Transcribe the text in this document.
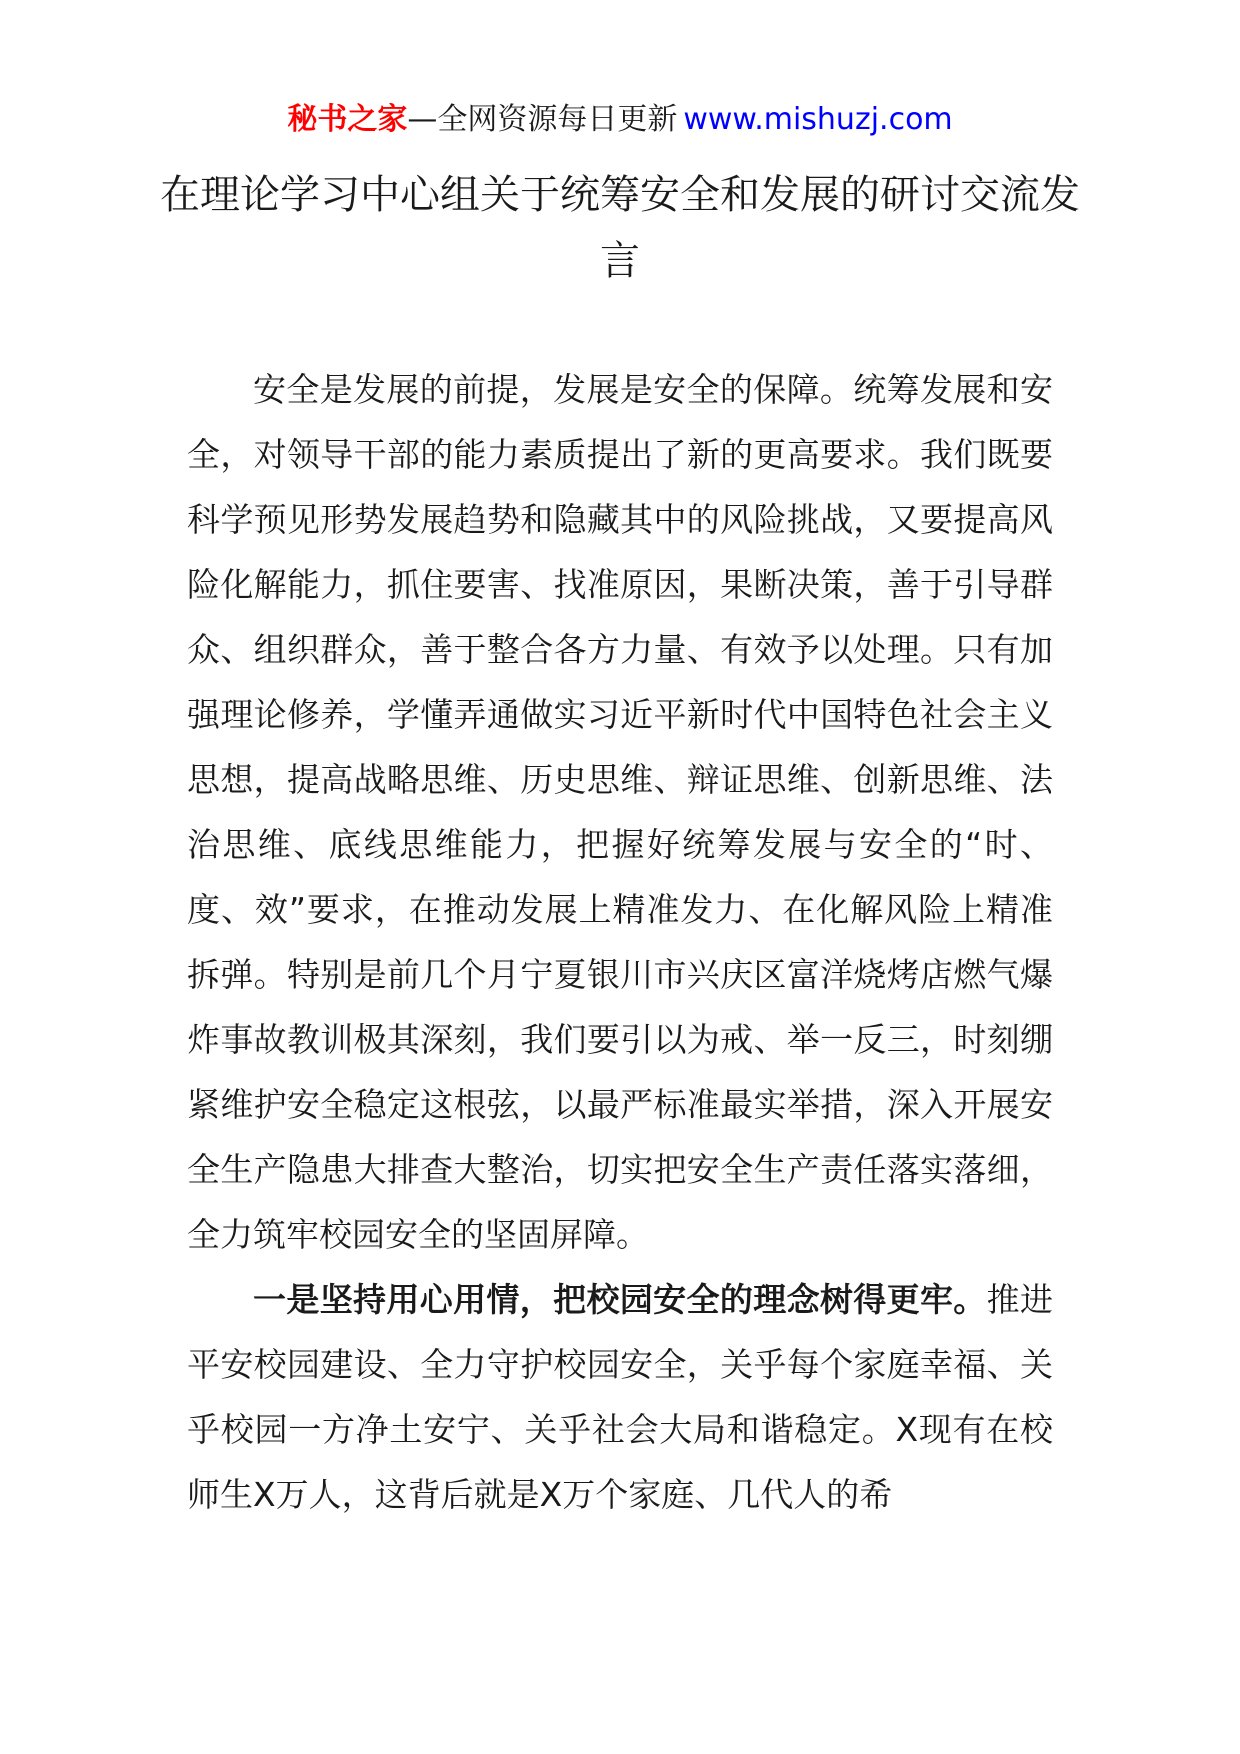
秘书之家—全网资源每日更新 www.mishuzj.com
在理论学习中心组关于统筹安全和发展的研讨交流发言

安全是发展的前提，发展是安全的保障。统筹发展和安全，对领导干部的能力素质提出了新的更高要求。我们既要科学预见形势发展趋势和隐藏其中的风险挑战，又要提高风险化解能力，抓住要害、找准原因，果断决策，善于引导群众、组织群众，善于整合各方力量、有效予以处理。只有加强理论修养，学懂弄通做实习近平新时代中国特色社会主义思想，提高战略思维、历史思维、辩证思维、创新思维、法治思维、底线思维能力，把握好统筹发展与安全的“时、度、效”要求，在推动发展上精准发力、在化解风险上精准拆弹。特别是前几个月宁夏银川市兴庆区富洋烧烤店燃气爆炸事故教训极其深刻，我们要引以为戒、举一反三，时刻绷紧维护安全稳定这根弦，以最严标准最实举措，深入开展安全生产隐患大排查大整治，切实把安全生产责任落实落细，全力筑牢校园安全的坚固屏障。

一是坚持用心用情，把校园安全的理念树得更牢。推进平安校园建设、全力守护校园安全，关乎每个家庭幸福、关乎校园一方净土安宁、关乎社会大局和谐稳定。X现有在校师生X万人，这背后就是X万个家庭、几代人的希
